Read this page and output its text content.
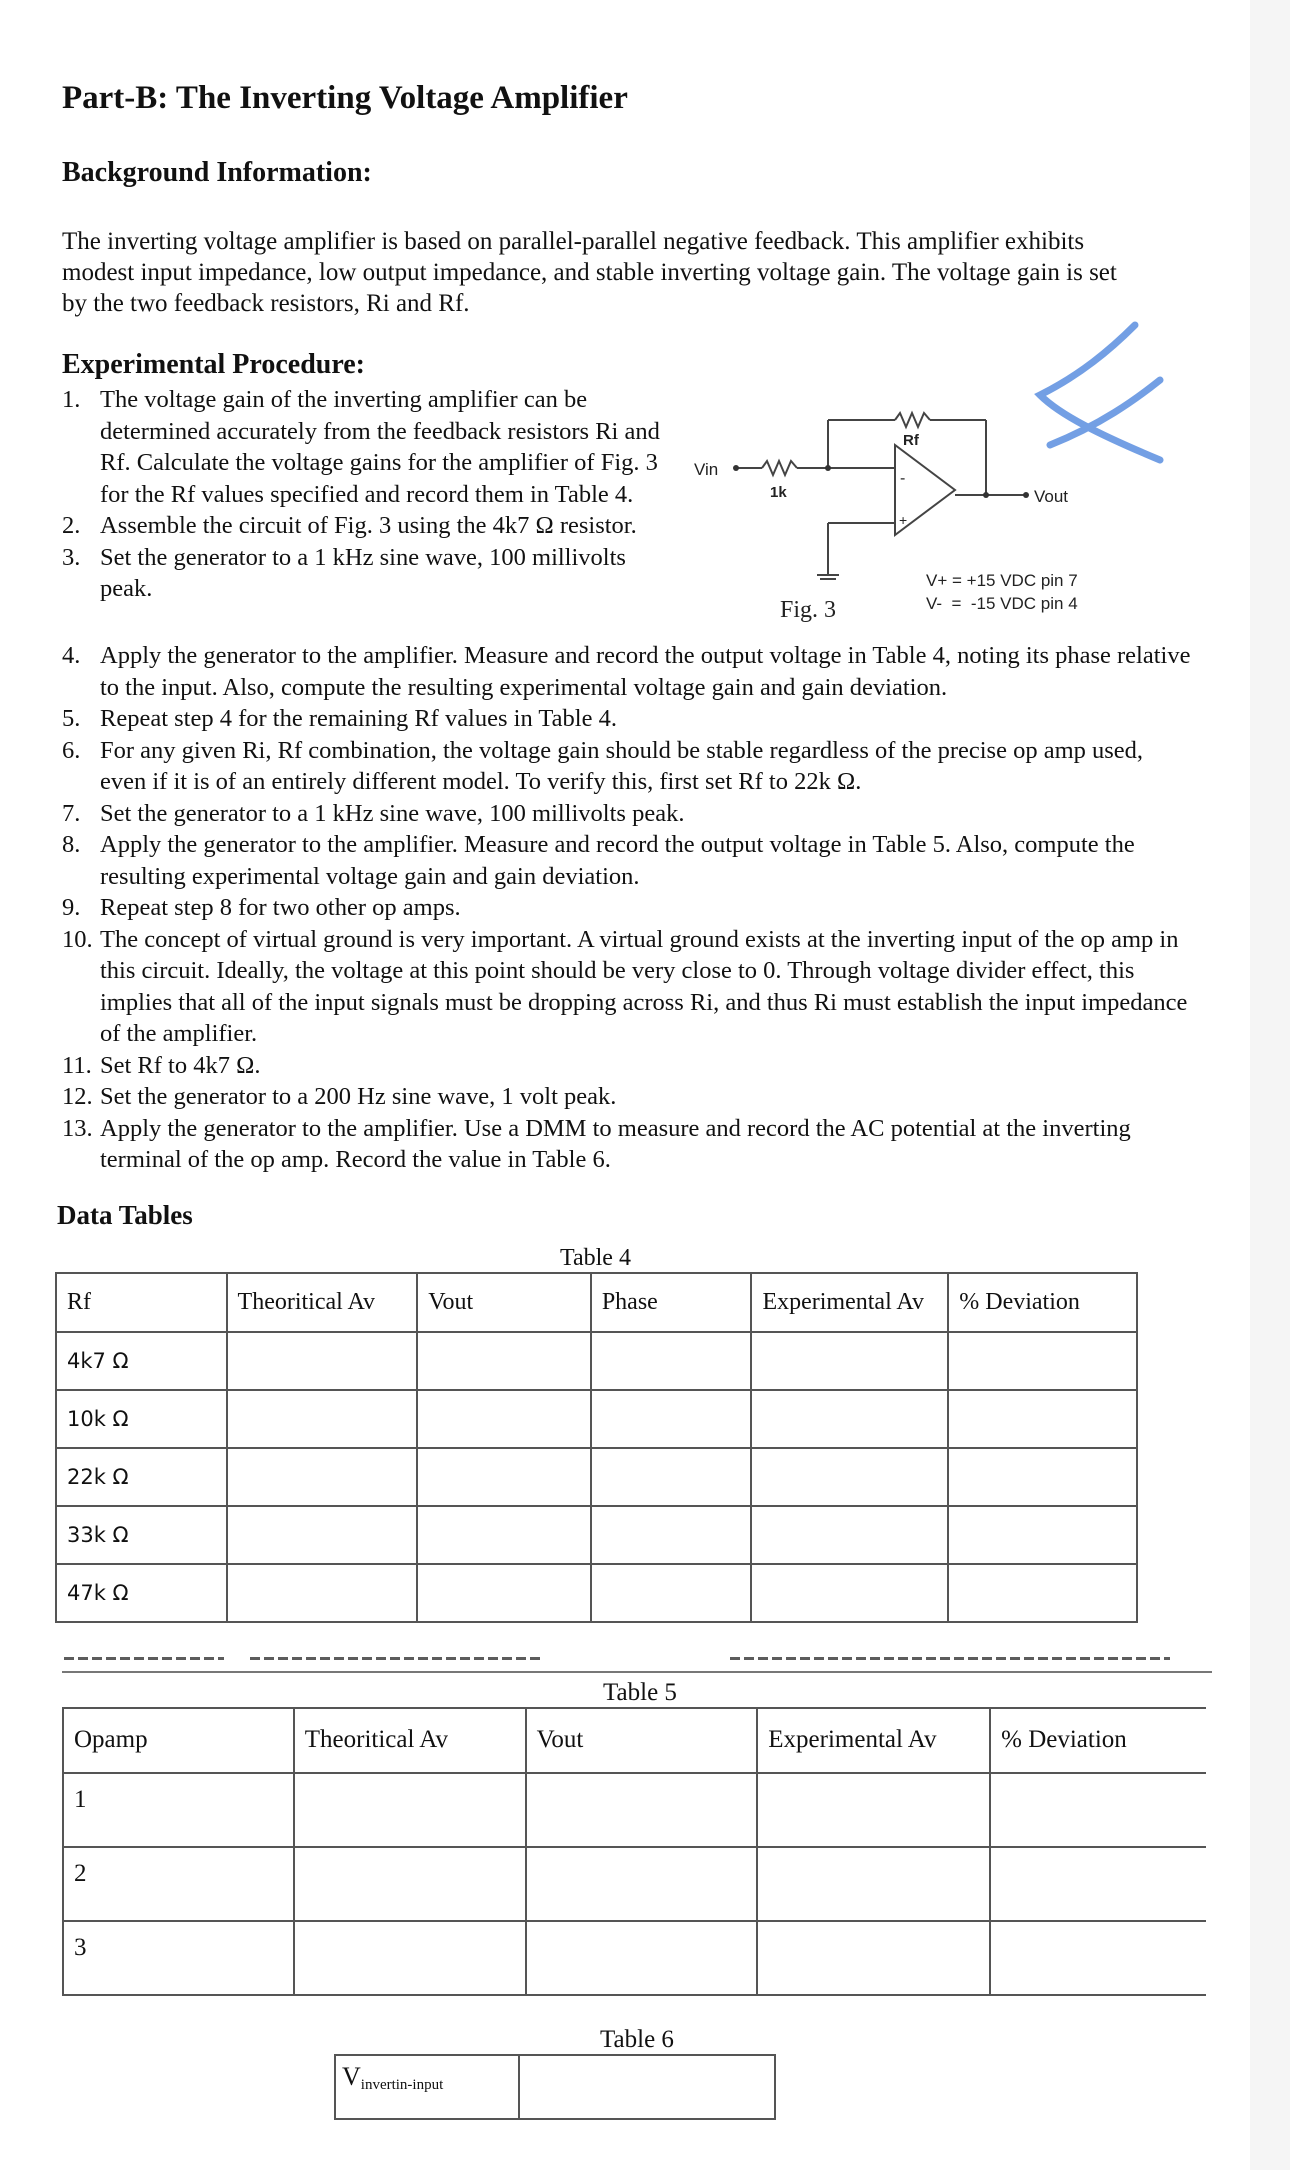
Part-B: The Inverting Voltage Amplifier
Background Information:

The inverting voltage amplifier is based on parallel-parallel negative feedback. This amplifier exhibits modest input impedance, low output impedance, and stable inverting voltage gain. The voltage gain is set by the two feedback resistors, Ri and Rf.

Experimental Procedure:
1. The voltage gain of the inverting amplifier can be determined accurately from the feedback resistors Ri and Rf. Calculate the voltage gains for the amplifier of Fig. 3 for the Rf values specified and record them in Table 4.
2. Assemble the circuit of Fig. 3 using the 4k7 Ω resistor.
3. Set the generator to a 1 kHz sine wave, 100 millivolts peak.
Vin
1k
Rf
Vout
-
+
V+ = +15 VDC pin 7
V-  =  -15 VDC pin 4
Fig. 3
4. Apply the generator to the amplifier. Measure and record the output voltage in Table 4, noting its phase relative to the input. Also, compute the resulting experimental voltage gain and gain deviation.
5. Repeat step 4 for the remaining Rf values in Table 4.
6. For any given Ri, Rf combination, the voltage gain should be stable regardless of the precise op amp used, even if it is of an entirely different model. To verify this, first set Rf to 22k Ω.
7. Set the generator to a 1 kHz sine wave, 100 millivolts peak.
8. Apply the generator to the amplifier. Measure and record the output voltage in Table 5. Also, compute the resulting experimental voltage gain and gain deviation.
9. Repeat step 8 for two other op amps.
10. The concept of virtual ground is very important. A virtual ground exists at the inverting input of the op amp in this circuit. Ideally, the voltage at this point should be very close to 0. Through voltage divider effect, this implies that all of the input signals must be dropping across Ri, and thus Ri must establish the input impedance of the amplifier.
11. Set Rf to 4k7 Ω.
12. Set the generator to a 200 Hz sine wave, 1 volt peak.
13. Apply the generator to the amplifier. Use a DMM to measure and record the AC potential at the inverting terminal of the op amp. Record the value in Table 6.
Data Tables
Table 4
Rf	Theoritical Av	Vout	Phase	Experimental Av	% Deviation
4k7 Ω					
10k Ω					
22k Ω					
33k Ω					
47k Ω					
Table 5
Opamp	Theoritical Av	Vout	Experimental Av	% Deviation
1				
2				
3				
Table 6
Vinvertin-input	
